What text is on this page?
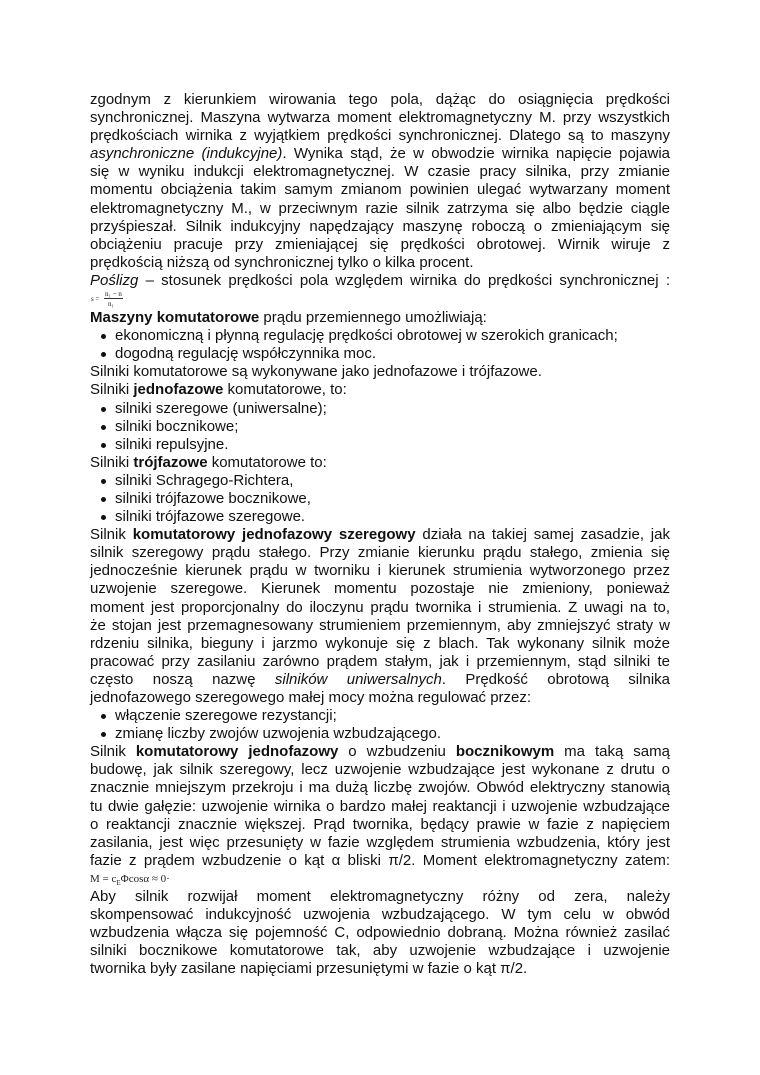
zgodnym z kierunkiem wirowania tego pola, dążąc do osiągnięcia prędkości
synchronicznej. Maszyna wytwarza moment elektromagnetyczny M. przy wszystkich
prędkościach wirnika z wyjątkiem prędkości synchronicznej. Dlatego są to maszyny
asynchroniczne (indukcyjne). Wynika stąd, że w obwodzie wirnika napięcie pojawia
się w wyniku indukcji elektromagnetycznej. W czasie pracy silnika, przy zmianie
momentu obciążenia takim samym zmianom powinien ulegać wytwarzany moment
elektromagnetyczny M., w przeciwnym razie silnik zatrzyma się albo będzie ciągle
przyśpieszał. Silnik indukcyjny napędzający maszynę roboczą o zmieniającym się
obciążeniu pracuje przy zmieniającej się prędkości obrotowej. Wirnik wiruje z
prędkością niższą od synchronicznej tylko o kilka procent.
Poślizg – stosunek prędkości pola względem wirnika do prędkości synchronicznej :
s =
n₁ − n
n₁
Maszyny komutatorowe prądu przemiennego umożliwiają:
ekonomiczną i płynną regulację prędkości obrotowej w szerokich granicach;
dogodną regulację współczynnika moc.
Silniki komutatorowe są wykonywane jako jednofazowe i trójfazowe.
Silniki jednofazowe komutatorowe, to:
silniki szeregowe (uniwersalne);
silniki bocznikowe;
silniki repulsyjne.
Silniki trójfazowe komutatorowe to:
silniki Schragego-Richtera,
silniki trójfazowe bocznikowe,
silniki trójfazowe szeregowe.
Silnik komutatorowy jednofazowy szeregowy działa na takiej samej zasadzie, jak
silnik szeregowy prądu stałego. Przy zmianie kierunku prądu stałego, zmienia się
jednocześnie kierunek prądu w tworniku i kierunek strumienia wytworzonego przez
uzwojenie szeregowe. Kierunek momentu pozostaje nie zmieniony, ponieważ
moment jest proporcjonalny do iloczynu prądu twornika i strumienia. Z uwagi na to,
że stojan jest przemagnesowany strumieniem przemiennym, aby zmniejszyć straty w
rdzeniu silnika, bieguny i jarzmo wykonuje się z blach. Tak wykonany silnik może
pracować przy zasilaniu zarówno prądem stałym, jak i przemiennym, stąd silniki te
często noszą nazwę silników uniwersalnych. Prędkość obrotową silnika
jednofazowego szeregowego małej mocy można regulować przez:
włączenie szeregowe rezystancji;
zmianę liczby zwojów uzwojenia wzbudzającego.
Silnik komutatorowy jednofazowy o wzbudzeniu bocznikowym ma taką samą
budowę, jak silnik szeregowy, lecz uzwojenie wzbudzające jest wykonane z drutu o
znacznie mniejszym przekroju i ma dużą liczbę zwojów. Obwód elektryczny stanowią
tu dwie gałęzie: uzwojenie wirnika o bardzo małej reaktancji i uzwojenie wzbudzające
o reaktancji znacznie większej. Prąd twornika, będący prawie w fazie z napięciem
zasilania, jest więc przesunięty w fazie względem strumienia wzbudzenia, który jest
fazie z prądem wzbudzenie o kąt α bliski π/2. Moment elektromagnetyczny zatem:
$M = c_E\Phi\cos\alpha \approx 0\cdot$
Aby silnik rozwijał moment elektromagnetyczny różny od zera, należy
skompensować indukcyjność uzwojenia wzbudzającego. W tym celu w obwód
wzbudzenia włącza się pojemność C, odpowiednio dobraną. Można również zasilać
silniki bocznikowe komutatorowe tak, aby uzwojenie wzbudzające i uzwojenie
twornika były zasilane napięciami przesuniętymi w fazie o kąt π/2.
